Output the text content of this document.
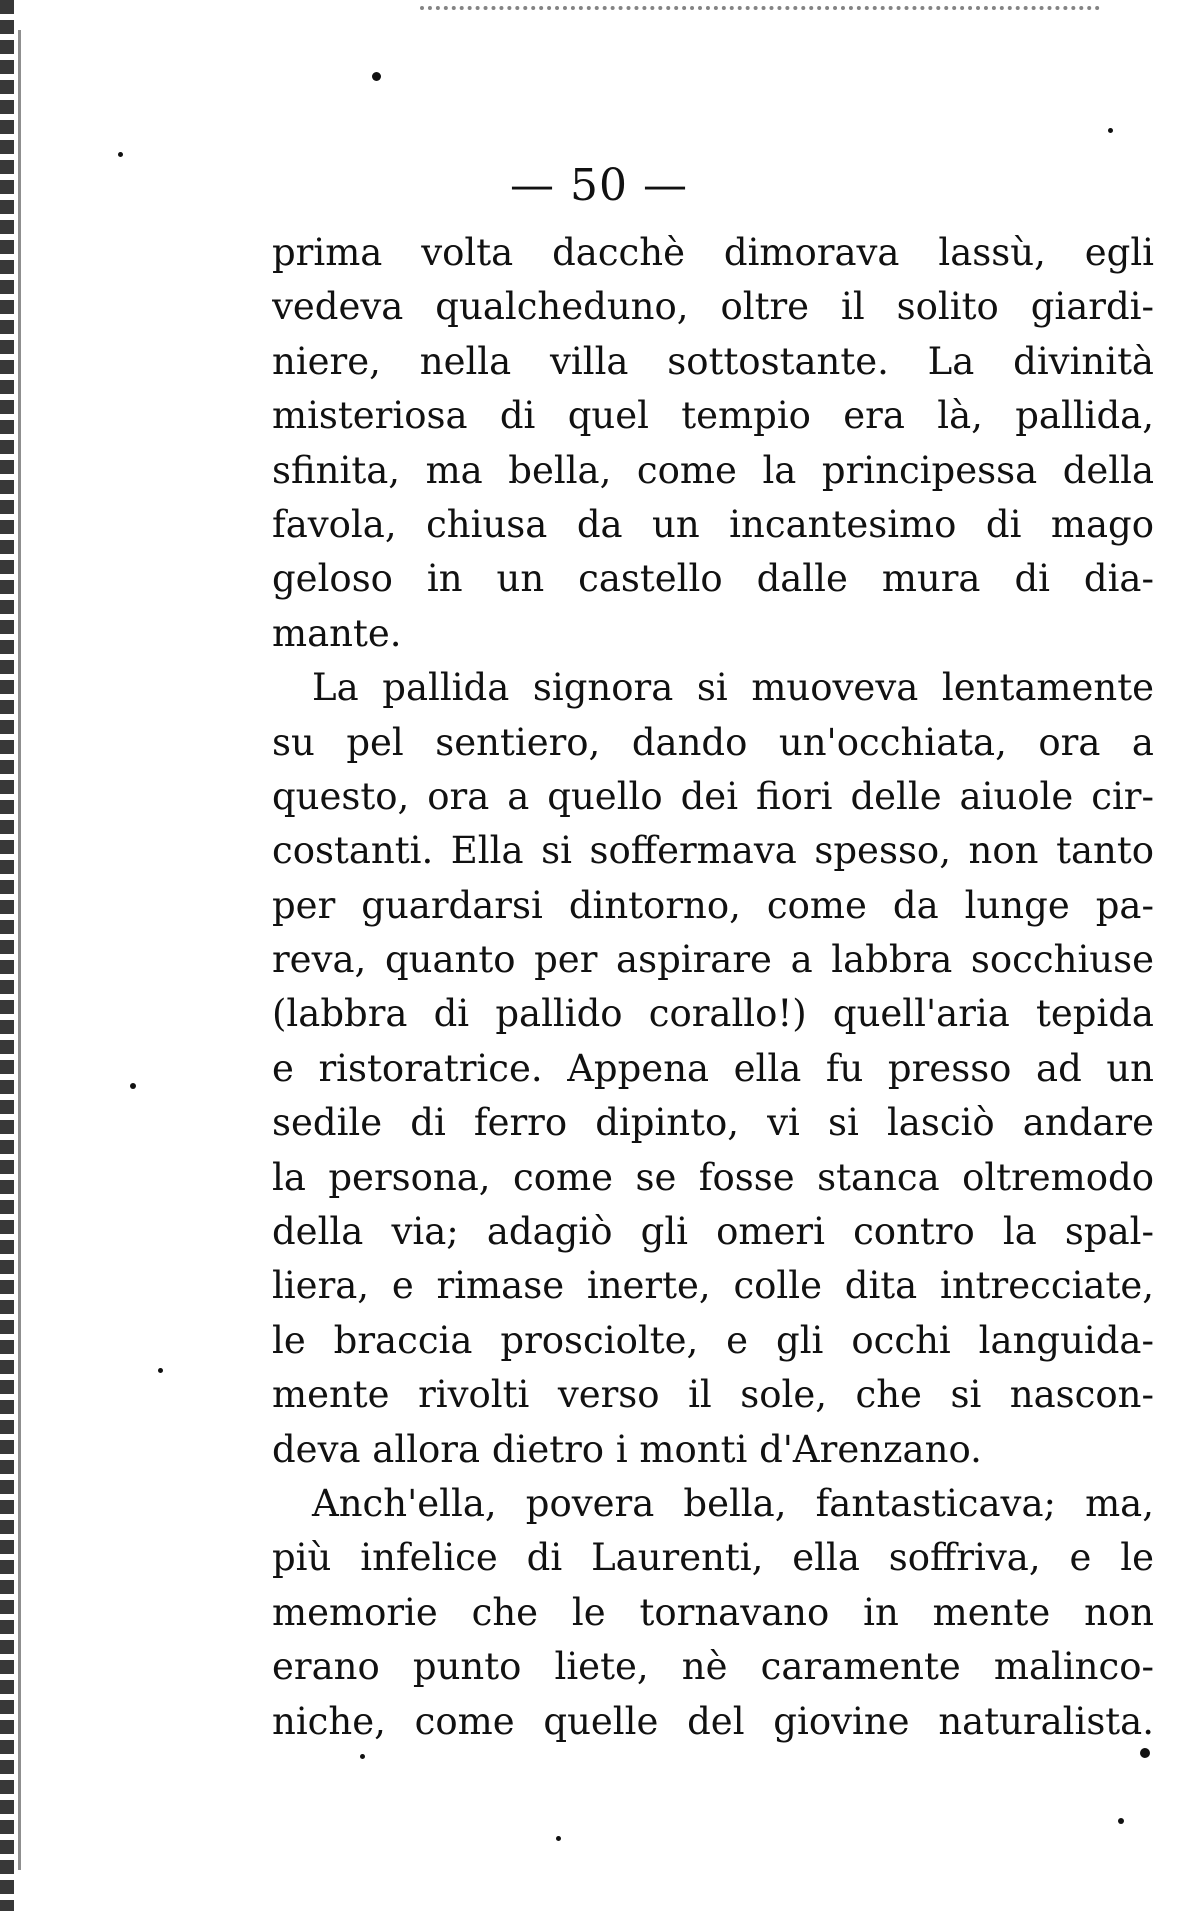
— 50 —
prima volta dacchè dimorava lassù, egli
vedeva qualcheduno, oltre il solito giardi-
niere, nella villa sottostante. La divinità
misteriosa di quel tempio era là, pallida,
sfinita, ma bella, come la principessa della
favola, chiusa da un incantesimo di mago
geloso in un castello dalle mura di dia-
mante.
La pallida signora si muoveva lentamente
su pel sentiero, dando un'occhiata, ora a
questo, ora a quello dei fiori delle aiuole cir-
costanti. Ella si soffermava spesso, non tanto
per guardarsi dintorno, come da lunge pa-
reva, quanto per aspirare a labbra socchiuse
(labbra di pallido corallo!) quell'aria tepida
e ristoratrice. Appena ella fu presso ad un
sedile di ferro dipinto, vi si lasciò andare
la persona, come se fosse stanca oltremodo
della via; adagiò gli omeri contro la spal-
liera, e rimase inerte, colle dita intrecciate,
le braccia prosciolte, e gli occhi languida-
mente rivolti verso il sole, che si nascon-
deva allora dietro i monti d'Arenzano.
Anch'ella, povera bella, fantasticava; ma,
più infelice di Laurenti, ella soffriva, e le
memorie che le tornavano in mente non
erano punto liete, nè caramente malinco-
niche, come quelle del giovine naturalista.
